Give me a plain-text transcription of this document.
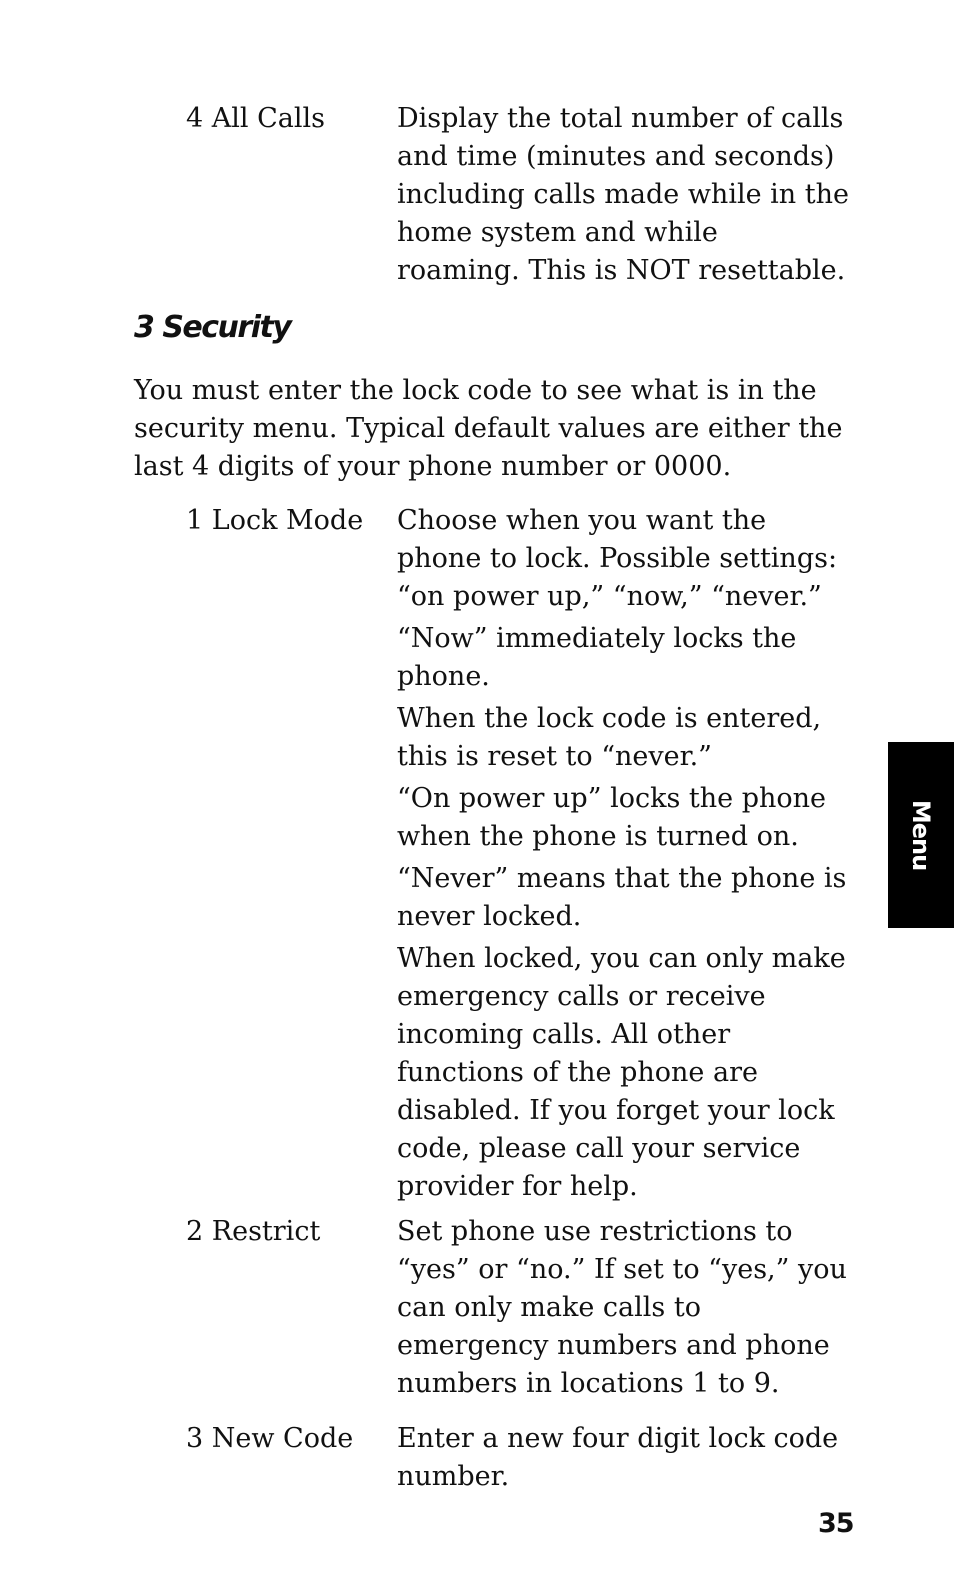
4 All Calls	Display the total number of calls and time (minutes and seconds) including calls made while in the home system and while roaming. This is NOT resettable.

3 Security
You must enter the lock code to see what is in the security menu. Typical default values are either the last 4 digits of your phone number or 0000.
1 Lock Mode Choose when you want the phone to lock. Possible settings: “on power up,” “now,” “never.”

“Now” immediately locks the phone.

When the lock code is entered, this is reset to “never.”

“On power up” locks the phone when the phone is turned on.

“Never” means that the phone is never locked.

When locked, you can only make emergency calls or receive incoming calls. All other functions of the phone are disabled. If you forget your lock code, please call your service provider for help.

2 Restrict	Set phone use restrictions to “yes” or “no.” If set to “yes,” you can only make calls to emergency numbers and phone numbers in locations 1 to 9.

3 New Code Enter a new four digit lock code number.

Menu
35
